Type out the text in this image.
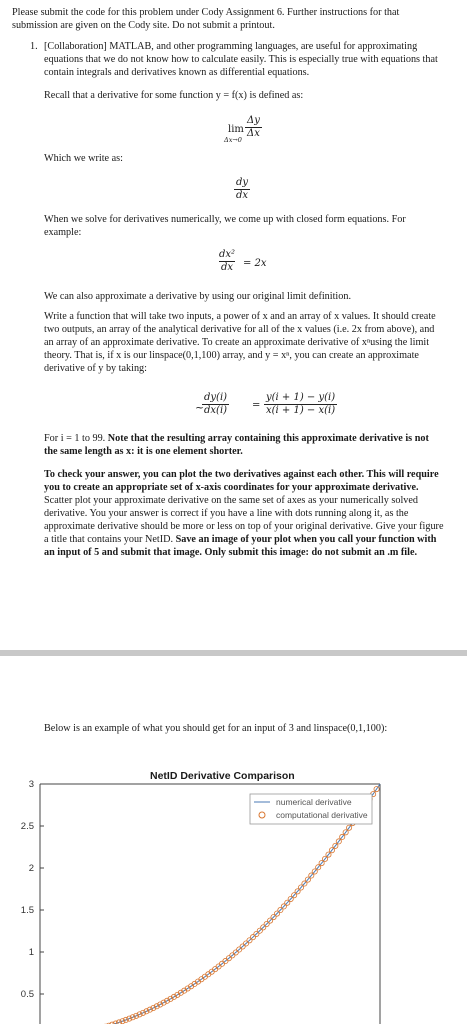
Please submit the code for this problem under Cody Assignment 6. Further instructions for that
submission are given on the Cody site. Do not submit a printout.
1. [Collaboration] MATLAB, and other programming languages, are useful for approximating
equations that we do not know how to calculate easily. This is especially true with equations that
contain integrals and derivatives known as differential equations.
Recall that a derivative for some function y = f(x) is defined as:
lim
$\Delta x\to 0 \frac{\Delta y}{\Delta x}$
Which we write as:
$\frac{dy}{dx}$
When we solve for derivatives numerically, we come up with closed form equations. For
example:
$\frac{\text{dx²}}{dx} = 2x$
We can also approximate a derivative by using our original limit definition.
Write a function that will take two inputs, a power of x and an array of x values. It should create
two outputs, an array of the analytical derivative for all of the x values (i.e. 2x from above), and
an array of an approximate derivative. To create an approximate derivative of xⁿusing the limit
theory. That is, if x is our linspace(0,1,100) array, and y = xⁿ, you can create an approximate
derivative of y by taking:
~
$\frac{dy(i)}{dx(i)} = \frac{y(i + 1) - y(i)}{x(i + 1) - x(i)}$
For i = 1 to 99. Note that the resulting array containing this approximate derivative is not
the same length as x: it is one element shorter.
To check your answer, you can plot the two derivatives against each other. This will require
you to create an appropriate set of x-axis coordinates for your approximate derivative.
Scatter plot your approximate derivative on the same set of axes as your numerically solved
derivative. You your answer is correct if you have a line with dots running along it, as the
approximate derivative should be more or less on top of your original derivative. Give your figure
a title that contains your NetID. Save an image of your plot when you call your function with
an input of 5 and submit that image. Only submit this image: do not submit an .m file.
Below is an example of what you should get for an input of 3 and linspace(0,1,100):
NetID Derivative Comparison
3
2.5
2
1.5
1
0.5
numerical derivative
computational derivative
